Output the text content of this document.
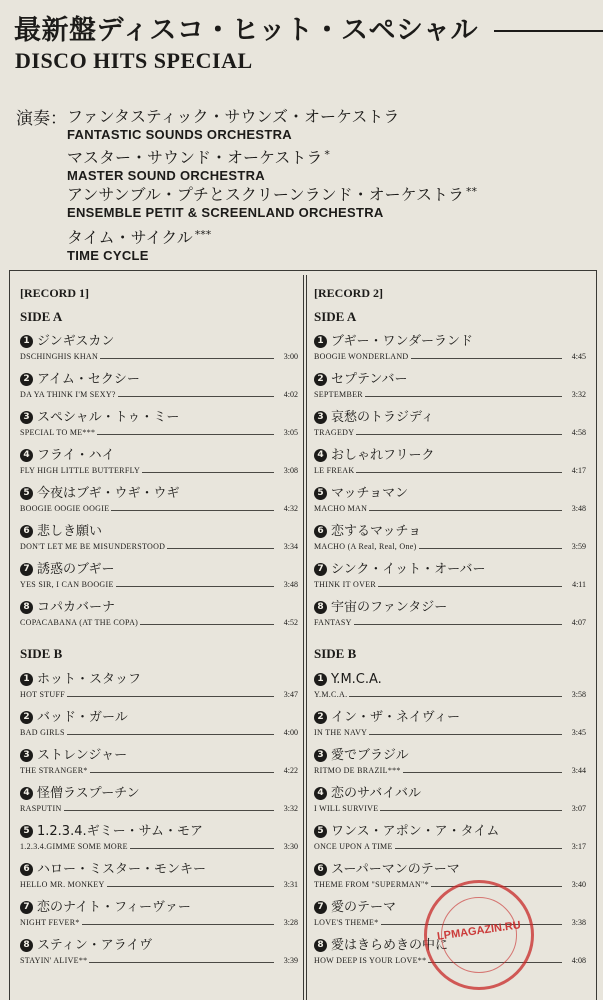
最新盤ディスコ・ヒット・スペシャル
DISCO HITS SPECIAL
演奏： ファンタスティック・サウンズ・オーケストラ
FANTASTIC SOUNDS ORCHESTRA
マスター・サウンド・オーケストラ *
MASTER SOUND ORCHESTRA
アンサンブル・プチとスクリーンランド・オーケストラ **
ENSEMBLE PETIT & SCREENLAND ORCHESTRA
タイム・サイクル ***
TIME CYCLE
[RECORD 1]
SIDE A
1 ジンギスカン
DSCHINGHIS KHAN	3:00
2 アイム・セクシー
DA YA THINK I'M SEXY?	4:02
3 スペシャル・トゥ・ミー
SPECIAL TO ME***	3:05
4 フライ・ハイ
FLY HIGH LITTLE BUTTERFLY	3:08
5 今夜はブギ・ウギ・ウギ
BOOGIE OOGIE OOGIE	4:32
6 悲しき願い
DON'T LET ME BE MISUNDERSTOOD	3:34
7 誘惑のブギー
YES SIR, I CAN BOOGIE	3:48
8 コパカバーナ
COPACABANA (AT THE COPA)	4:52
SIDE B
1 ホット・スタッフ
HOT STUFF	3:47
2 バッド・ガール
BAD GIRLS	4:00
3 ストレンジャー
THE STRANGER*	4:22
4 怪僧ラスプーチン
RASPUTIN	3:32
5 1.2.3.4.ギミー・サム・モア
1.2.3.4.GIMME SOME MORE	3:30
6 ハロー・ミスター・モンキー
HELLO MR. MONKEY	3:31
7 恋のナイト・フィーヴァー
NIGHT FEVER*	3:28
8 スティン・アライヴ
STAYIN' ALIVE**	3:39
[RECORD 2]
SIDE A
1 ブギー・ワンダーランド
BOOGIE WONDERLAND	4:45
2 セプテンバー
SEPTEMBER	3:32
3 哀愁のトラジディ
TRAGEDY	4:58
4 おしゃれフリーク
LE FREAK	4:17
5 マッチョマン
MACHO MAN	3:48
6 恋するマッチョ
MACHO (A Real, Real, One)	3:59
7 シンク・イット・オーバー
THINK IT OVER	4:11
8 宇宙のファンタジー
FANTASY	4:07
SIDE B
1 Y.M.C.A.
Y.M.C.A.	3:58
2 イン・ザ・ネイヴィー
IN THE NAVY	3:45
3 愛でブラジル
RITMO DE BRAZIL***	3:44
4 恋のサバイバル
I WILL SURVIVE	3:07
5 ワンス・アポン・ア・タイム
ONCE UPON A TIME	3:17
6 スーパーマンのテーマ
THEME FROM "SUPERMAN"*	3:40
7 愛のテーマ
LOVE'S THEME*	3:38
8 愛はきらめきの中に
HOW DEEP IS YOUR LOVE**	4:08
LPMAGAZIN.RU
